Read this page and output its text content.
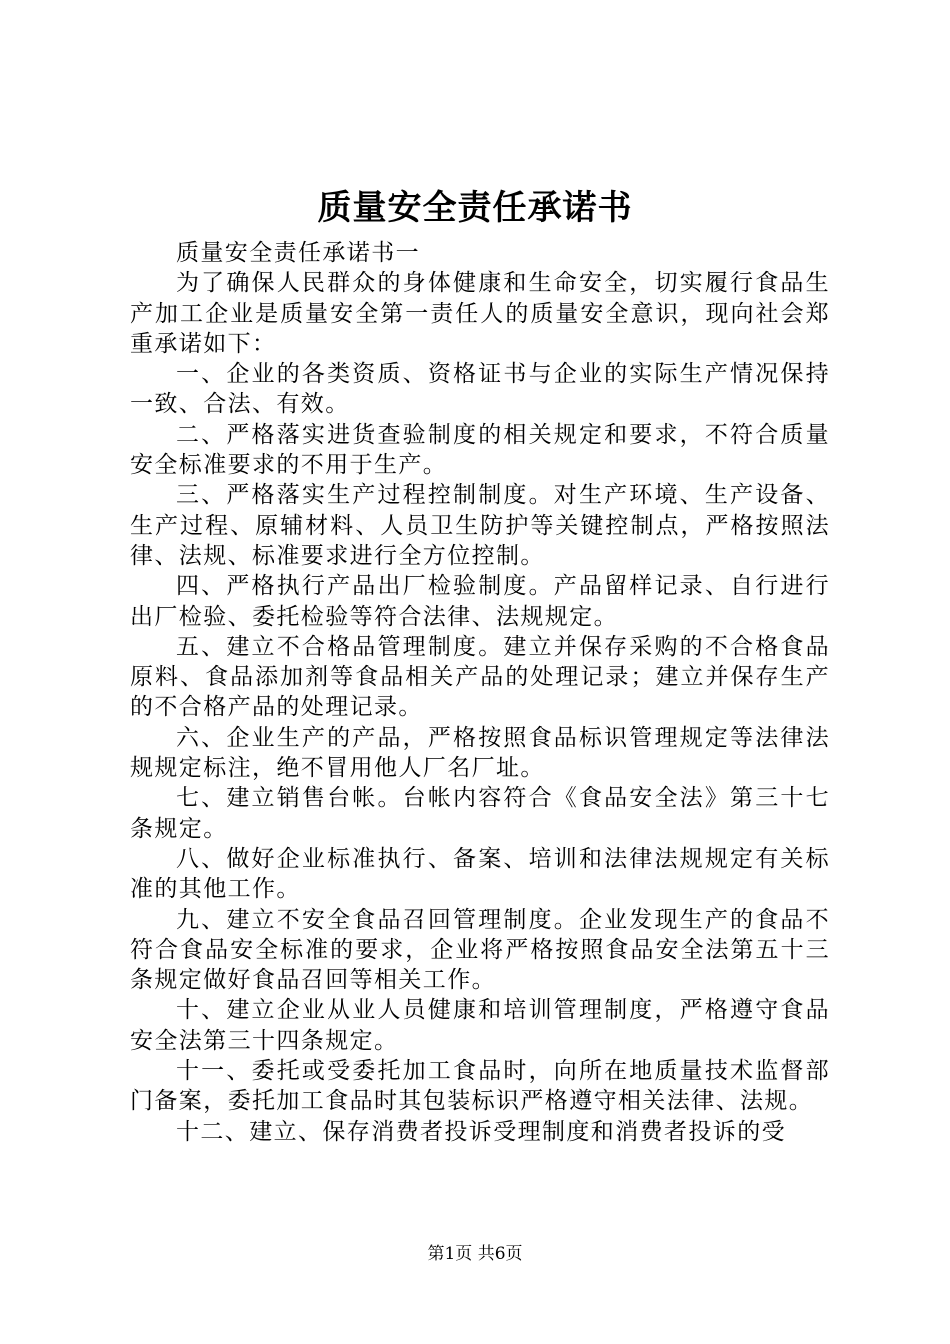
质量安全责任承诺书

质量安全责任承诺书一

为了确保人民群众的身体健康和生命安全，切实履行食品生产加工企业是质量安全第一责任人的质量安全意识，现向社会郑重承诺如下：

一、企业的各类资质、资格证书与企业的实际生产情况保持一致、合法、有效。

二、严格落实进货查验制度的相关规定和要求，不符合质量安全标准要求的不用于生产。

三、严格落实生产过程控制制度。对生产环境、生产设备、生产过程、原辅材料、人员卫生防护等关键控制点，严格按照法律、法规、标准要求进行全方位控制。

四、严格执行产品出厂检验制度。产品留样记录、自行进行出厂检验、委托检验等符合法律、法规规定。

五、建立不合格品管理制度。建立并保存采购的不合格食品原料、食品添加剂等食品相关产品的处理记录；建立并保存生产的不合格产品的处理记录。

六、企业生产的产品，严格按照食品标识管理规定等法律法规规定标注，绝不冒用他人厂名厂址。

七、建立销售台帐。台帐内容符合《食品安全法》第三十七条规定。

八、做好企业标准执行、备案、培训和法律法规规定有关标准的其他工作。

九、建立不安全食品召回管理制度。企业发现生产的食品不符合食品安全标准的要求，企业将严格按照食品安全法第五十三条规定做好食品召回等相关工作。

十、建立企业从业人员健康和培训管理制度，严格遵守食品安全法第三十四条规定。

十一、委托或受委托加工食品时，向所在地质量技术监督部门备案，委托加工食品时其包装标识严格遵守相关法律、法规。

十二、建立、保存消费者投诉受理制度和消费者投诉的受

第1页 共6页
